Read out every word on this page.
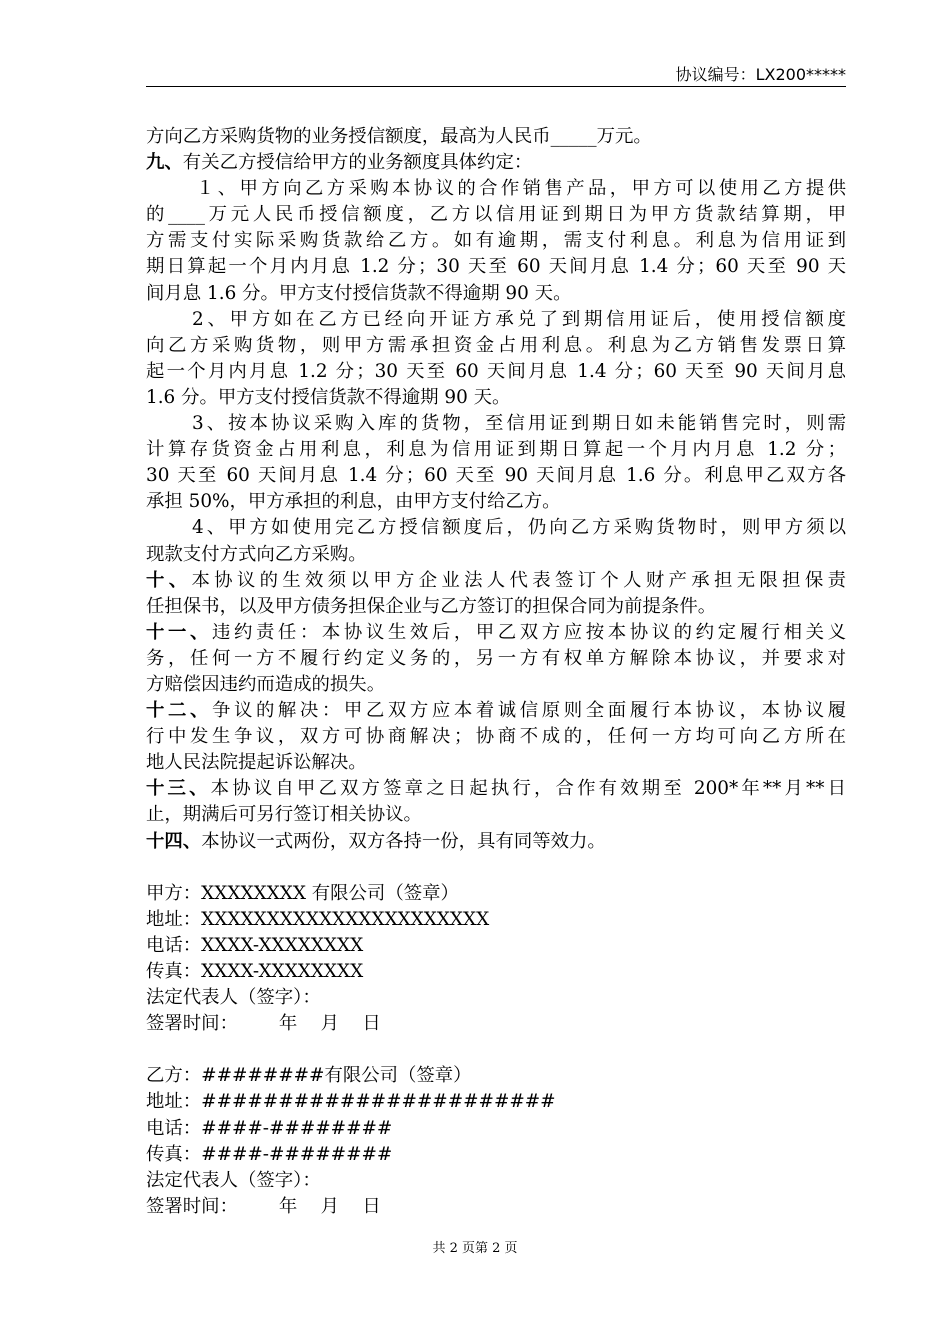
协议编号：LX200*****
方向乙方采购货物的业务授信额度，最高为人民币_____万元。
九、有关乙方授信给甲方的业务额度具体约定：
１、甲方向乙方采购本协议的合作销售产品，甲方可以使用乙方提供
的____万元人民币授信额度，乙方以信用证到期日为甲方货款结算期，甲
方需支付实际采购货款给乙方。如有逾期，需支付利息。利息为信用证到
期日算起一个月内月息 1.2 分；30 天至 60 天间月息 1.4 分；60 天至 90 天
间月息 1.6 分。甲方支付授信货款不得逾期 90 天。
2、甲方如在乙方已经向开证方承兑了到期信用证后，使用授信额度
向乙方采购货物，则甲方需承担资金占用利息。利息为乙方销售发票日算
起一个月内月息 1.2 分；30 天至 60 天间月息 1.4 分；60 天至 90 天间月息
1.6 分。甲方支付授信货款不得逾期 90 天。
3、按本协议采购入库的货物，至信用证到期日如未能销售完时，则需
计算存货资金占用利息，利息为信用证到期日算起一个月内月息 1.2 分；
30 天至 60 天间月息 1.4 分；60 天至 90 天间月息 1.6 分。利息甲乙双方各
承担 50%，甲方承担的利息，由甲方支付给乙方。
4、甲方如使用完乙方授信额度后，仍向乙方采购货物时，则甲方须以
现款支付方式向乙方采购。
十、本协议的生效须以甲方企业法人代表签订个人财产承担无限担保责
任担保书，以及甲方债务担保企业与乙方签订的担保合同为前提条件。
十一、违约责任：本协议生效后，甲乙双方应按本协议的约定履行相关义
务，任何一方不履行约定义务的，另一方有权单方解除本协议，并要求对
方赔偿因违约而造成的损失。
十二、争议的解决：甲乙双方应本着诚信原则全面履行本协议，本协议履
行中发生争议，双方可协商解决；协商不成的，任何一方均可向乙方所在
地人民法院提起诉讼解决。
十三、本协议自甲乙双方签章之日起执行，合作有效期至 200*年**月**日
止，期满后可另行签订相关协议。
十四、本协议一式两份，双方各持一份，具有同等效力。
甲方：XXXXXXXX 有限公司（签章）
地址：XXXXXXXXXXXXXXXXXXXXXX
电话：XXXX-XXXXXXXX
传真：XXXX-XXXXXXXX
法定代表人（签字）：
签署时间：       年    月    日
乙方：########有限公司（签章）
地址：#######################
电话：####-########
传真：####-########
法定代表人（签字）：
签署时间：       年    月    日
共 2 页第 2 页
